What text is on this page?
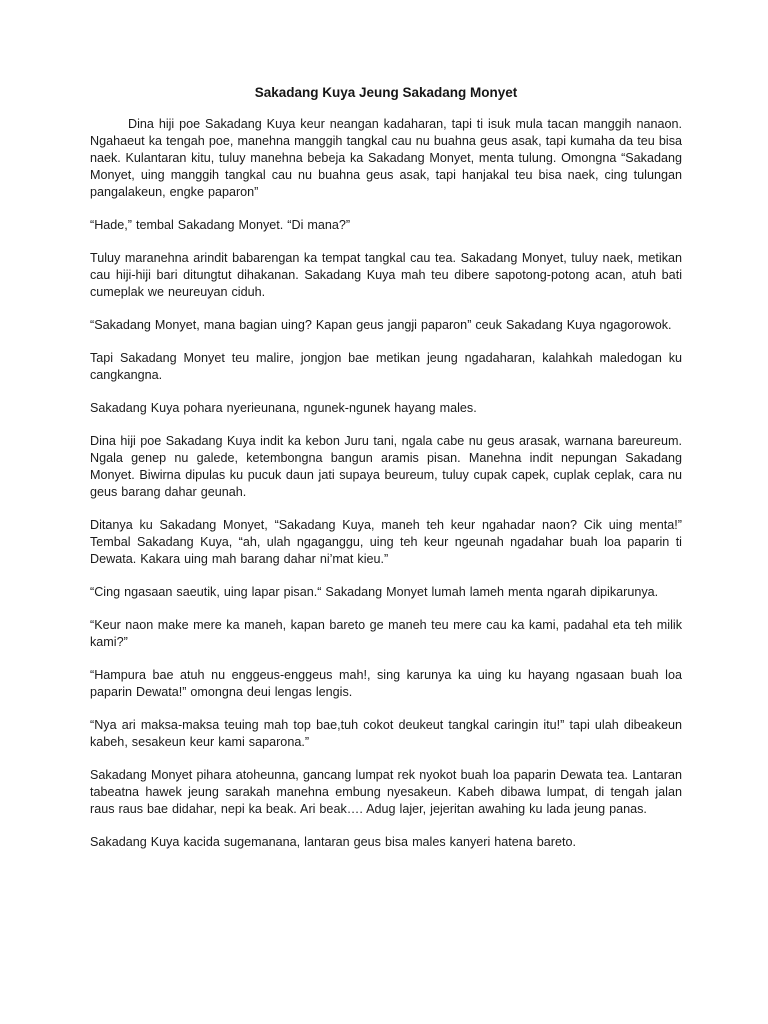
Sakadang Kuya Jeung Sakadang Monyet

Dina hiji poe Sakadang Kuya keur neangan kadaharan, tapi ti isuk mula tacan manggih nanaon. Ngahaeut ka tengah poe, manehna manggih tangkal cau nu buahna geus asak, tapi kumaha da teu bisa naek. Kulantaran kitu, tuluy manehna bebeja ka Sakadang Monyet, menta tulung. Omongna “Sakadang Monyet, uing manggih tangkal cau nu buahna geus asak, tapi hanjakal teu bisa naek, cing tulungan pangalakeun, engke paparon”

“Hade,” tembal Sakadang Monyet. “Di mana?”

Tuluy maranehna arindit babarengan ka tempat tangkal cau tea. Sakadang Monyet, tuluy naek, metikan cau hiji-hiji bari ditungtut dihakanan. Sakadang Kuya mah teu dibere sapotong-potong acan, atuh bati cumeplak we neureuyan ciduh.

“Sakadang Monyet, mana bagian uing? Kapan geus jangji paparon” ceuk Sakadang Kuya ngagorowok.

Tapi Sakadang Monyet teu malire, jongjon bae metikan jeung ngadaharan, kalahkah maledogan ku cangkangna.

Sakadang Kuya pohara nyerieunana, ngunek-ngunek hayang males.

Dina hiji poe Sakadang Kuya indit ka kebon Juru tani, ngala cabe nu geus arasak, warnana bareureum. Ngala genep nu galede, ketembongna bangun aramis pisan. Manehna indit nepungan Sakadang Monyet. Biwirna dipulas ku pucuk daun jati supaya beureum, tuluy cupak capek, cuplak ceplak, cara nu geus barang dahar geunah.

Ditanya ku Sakadang Monyet, “Sakadang Kuya, maneh teh keur ngahadar naon? Cik uing menta!” Tembal Sakadang Kuya, “ah, ulah ngaganggu, uing teh keur ngeunah ngadahar buah loa paparin ti Dewata. Kakara uing mah barang dahar ni’mat kieu.”

“Cing ngasaan saeutik, uing lapar pisan.“ Sakadang Monyet lumah lameh menta ngarah dipikarunya.

“Keur naon make mere ka maneh, kapan bareto ge maneh teu mere cau ka kami, padahal eta teh milik kami?”

“Hampura bae atuh nu enggeus-enggeus mah!, sing karunya ka uing ku hayang ngasaan buah loa paparin Dewata!” omongna deui lengas lengis.

“Nya ari maksa-maksa teuing mah top bae,tuh cokot deukeut tangkal caringin itu!” tapi ulah dibeakeun kabeh, sesakeun keur kami saparona.”

Sakadang Monyet pihara atoheunna, gancang lumpat rek nyokot buah loa paparin Dewata tea. Lantaran tabeatna hawek jeung sarakah manehna embung nyesakeun. Kabeh dibawa lumpat, di tengah jalan raus raus bae didahar, nepi ka beak. Ari beak…. Adug lajer, jejeritan awahing ku lada jeung panas.

Sakadang Kuya kacida sugemanana, lantaran geus bisa males kanyeri hatena bareto.
